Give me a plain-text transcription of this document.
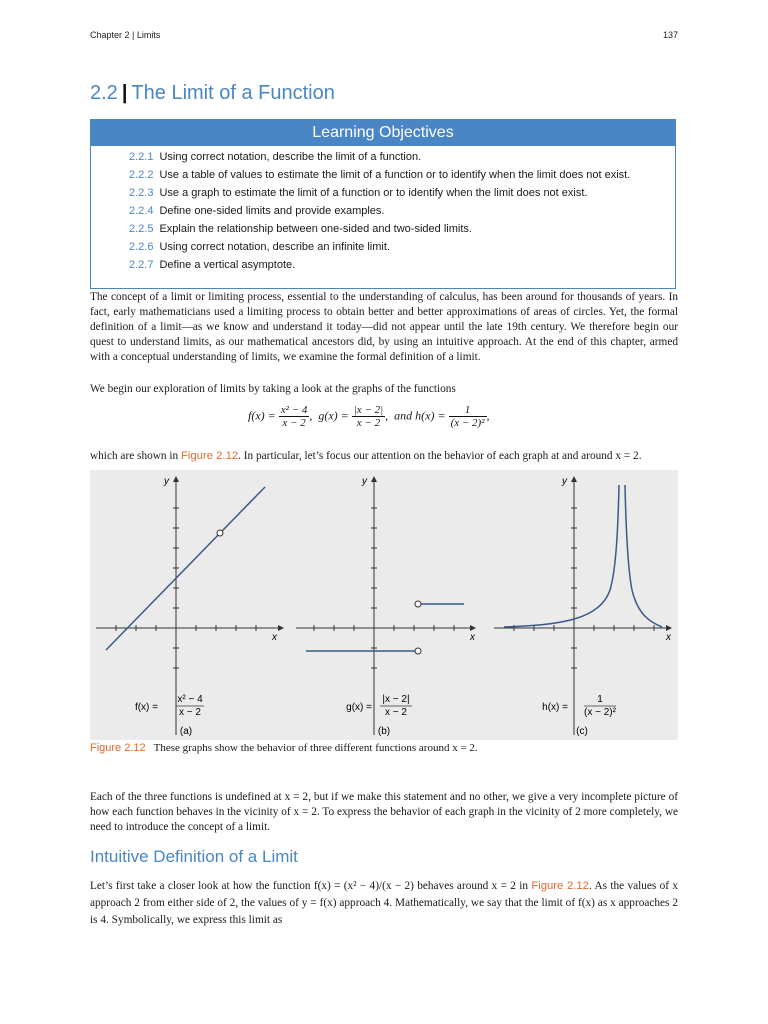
Chapter 2 | Limits	137
2.2 | The Limit of a Function
Learning Objectives
2.2.1 Using correct notation, describe the limit of a function.
2.2.2 Use a table of values to estimate the limit of a function or to identify when the limit does not exist.
2.2.3 Use a graph to estimate the limit of a function or to identify when the limit does not exist.
2.2.4 Define one-sided limits and provide examples.
2.2.5 Explain the relationship between one-sided and two-sided limits.
2.2.6 Using correct notation, describe an infinite limit.
2.2.7 Define a vertical asymptote.

The concept of a limit or limiting process, essential to the understanding of calculus, has been around for thousands of years. In fact, early mathematicians used a limiting process to obtain better and better approximations of areas of circles. Yet, the formal definition of a limit—as we know and understand it today—did not appear until the late 19th century. We therefore begin our quest to understand limits, as our mathematical ancestors did, by using an intuitive approach. At the end of this chapter, armed with a conceptual understanding of limits, we examine the formal definition of a limit.

We begin our exploration of limits by taking a look at the graphs of the functions

$f(x) = \frac{\text{x² − 4}}{x - 2}$ ,  $g(x) = \frac{|x - 2|}{x - 2}$ ,  and $h(x) = \frac{1}{\text{(x − 2)²}}$ ,

which are shown in Figure 2.12. In particular, let’s focus our attention on the behavior of each graph at and around x = 2.

y
x
f(x) =
x² − 4
x − 2
(a)
y
x
g(x) =
|x − 2|
x − 2
(b)
y
x
h(x) =
1
(x − 2)²
(c)
Figure 2.12 These graphs show the behavior of three different functions around x = 2.

Each of the three functions is undefined at x = 2, but if we make this statement and no other, we give a very incomplete picture of how each function behaves in the vicinity of x = 2. To express the behavior of each graph in the vicinity of 2 more completely, we need to introduce the concept of a limit.

Intuitive Definition of a Limit

Let’s first take a closer look at how the function f(x) = (x² − 4)/(x − 2) behaves around x = 2 in Figure 2.12. As the values of x approach 2 from either side of 2, the values of y = f(x) approach 4. Mathematically, we say that the limit of f(x) as x approaches 2 is 4. Symbolically, we express this limit as
